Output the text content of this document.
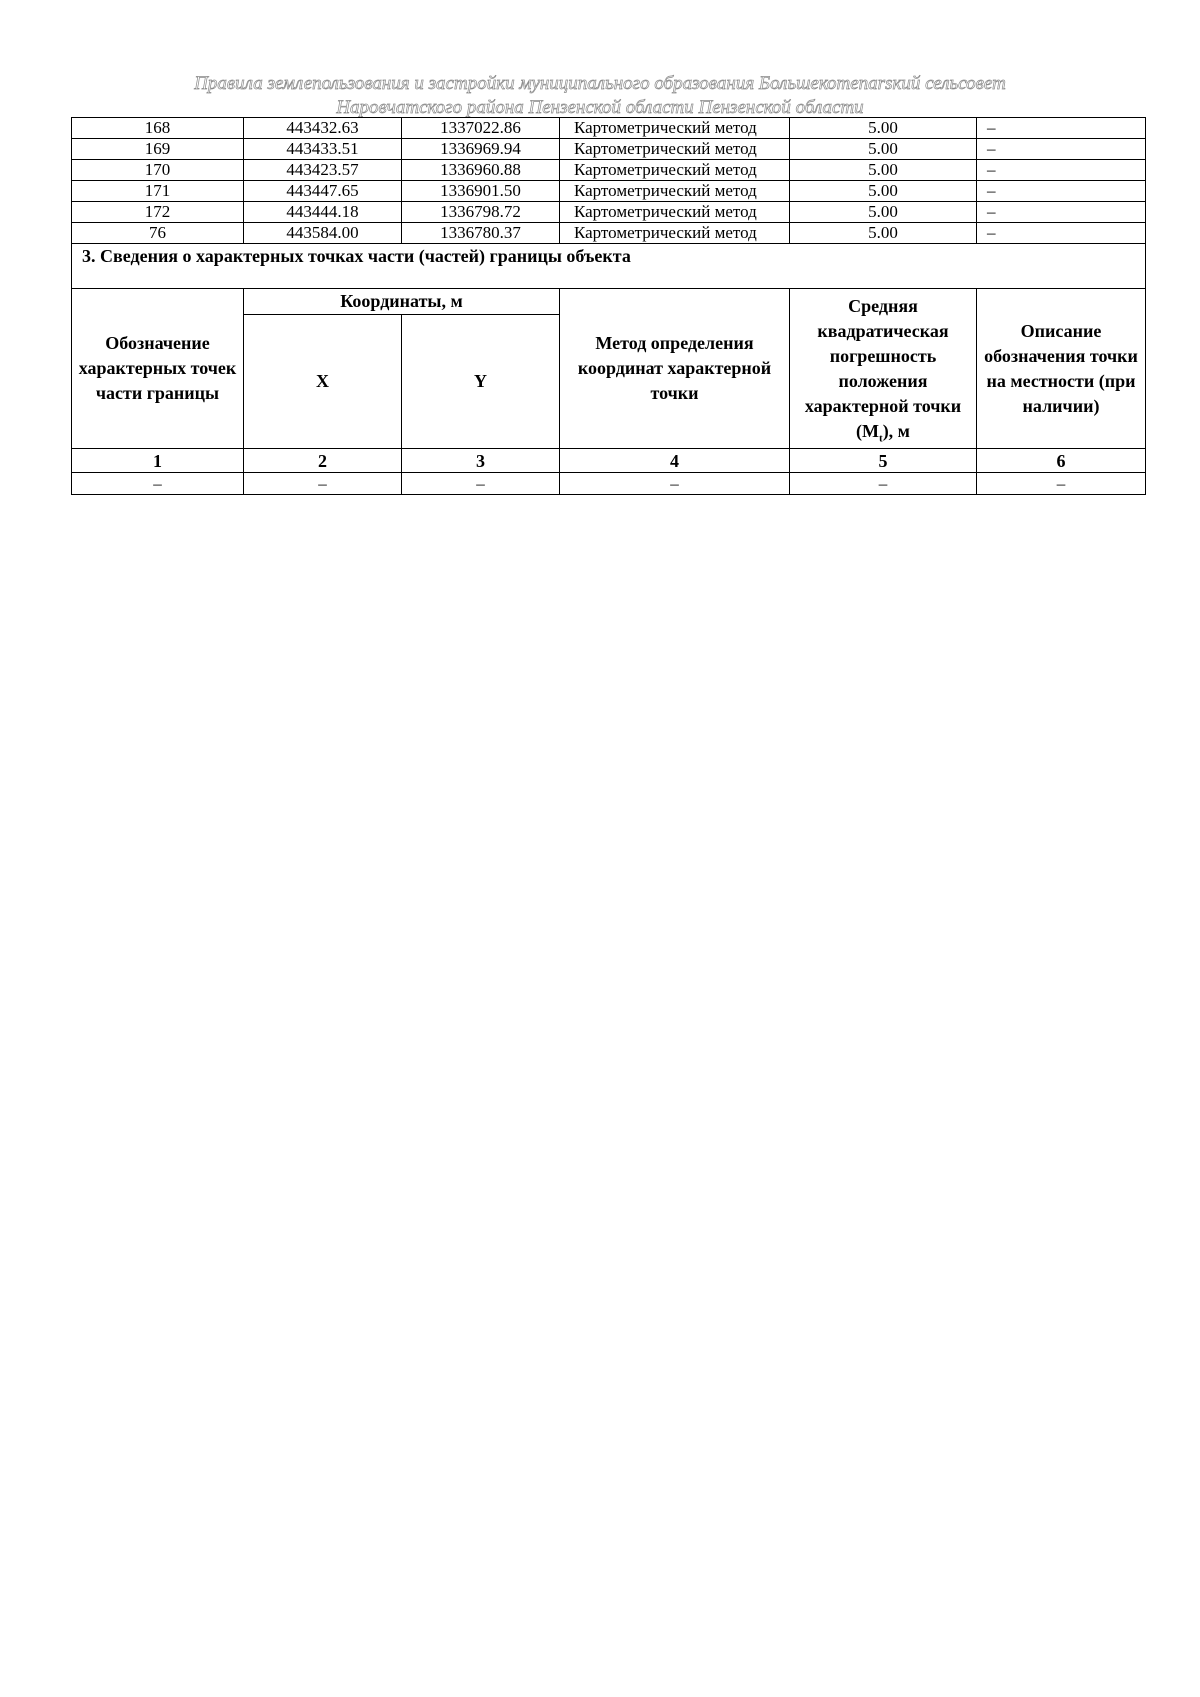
Правила землепользования и застройки муниципального образования Большекоmenarsкий сельсовет
Наровчатского района Пензенской области Пензенской области
168	443432.63	1337022.86	Картометрический метод	5.00	–
169	443433.51	1336969.94	Картометрический метод	5.00	–
170	443423.57	1336960.88	Картометрический метод	5.00	–
171	443447.65	1336901.50	Картометрический метод	5.00	–
172	443444.18	1336798.72	Картометрический метод	5.00	–
76	443584.00	1336780.37	Картометрический метод	5.00	–
3. Сведения о характерных точках части (частей) границы объекта					
Обозначение характерных точек части границы	Координаты, м		Метод определения координат характерной точки	Средняя квадратическая погрешность положения характерной точки $(M_t)$, м	Описание обозначения точки на местности (при наличии)
	X	Y			
1	2	3	4	5	6
–	–	–	–	–	–
